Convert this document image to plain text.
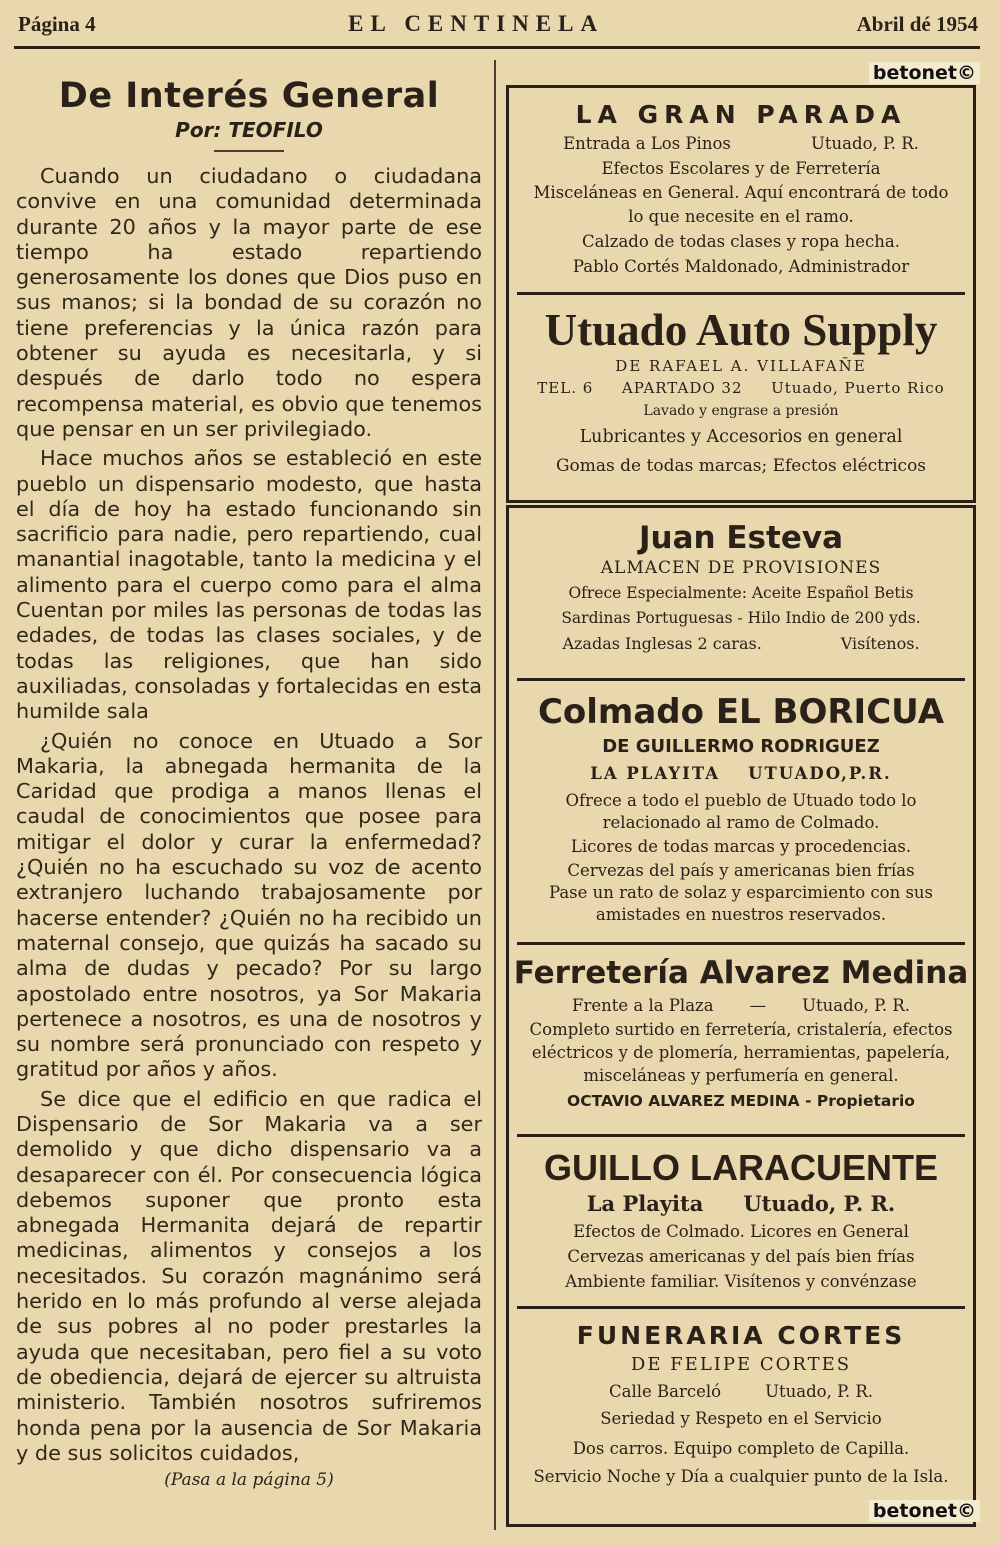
Página 4	EL CENTINELA	Abril dé 1954
betonet©
De Interés General

Por: TEOFILO

Cuando un ciudadano o ciudadana convive en una comunidad determinada durante 20 años y la mayor parte de ese tiempo ha estado repartiendo generosamente los dones que Dios puso en sus manos; si la bondad de su corazón no tiene preferencias y la única razón para obtener su ayuda es necesitarla, y si después de darlo todo no espera recompensa material, es obvio que tenemos que pensar en un ser privilegiado.

Hace muchos años se estableció en este pueblo un dispensario modesto, que hasta el día de hoy ha estado funcionando sin sacrificio para nadie, pero repartiendo, cual manantial inagotable, tanto la medicina y el alimento para el cuerpo como para el alma Cuentan por miles las personas de todas las edades, de todas las clases sociales, y de todas las religiones, que han sido auxiliadas, consoladas y fortalecidas en esta humilde sala

¿Quién no conoce en Utuado a Sor Makaria, la abnegada hermanita de la Caridad que prodiga a manos llenas el caudal de conocimientos que posee para mitigar el dolor y curar la enfermedad? ¿Quién no ha escuchado su voz de acento extranjero luchando trabajosamente por hacerse entender? ¿Quién no ha recibido un maternal consejo, que quizás ha sacado su alma de dudas y pecado? Por su largo apostolado entre nosotros, ya Sor Makaria pertenece a nosotros, es una de nosotros y su nombre será pronunciado con respeto y gratitud por años y años.

Se dice que el edificio en que radica el Dispensario de Sor Makaria va a ser demolido y que dicho dispensario va a desaparecer con él. Por consecuencia lógica debemos suponer que pronto esta abnegada Hermanita dejará de repartir medicinas, alimentos y consejos a los necesitados. Su corazón magnánimo será herido en lo más profundo al verse alejada de sus pobres al no poder prestarles la ayuda que necesitaban, pero fiel a su voto de obediencia, dejará de ejercer su altruista ministerio. También nosotros sufriremos honda pena por la ausencia de Sor Makaria y de sus solicitos cuidados,

(Pasa a la página 5)

LA GRAN PARADA

Entrada a Los Pinos	Utuado, P. R.

Efectos Escolares y de Ferretería

Misceláneas en General. Aquí encontrará de todo lo que necesite en el ramo.

Calzado de todas clases y ropa hecha.

Pablo Cortés Maldonado, Administrador

Utuado Auto Supply

DE RAFAEL A. VILLAFAÑE

TEL. 6 APARTADO 32 Utuado, Puerto Rico

Lavado y engrase a presión

Lubricantes y Accesorios en general

Gomas de todas marcas; Efectos eléctricos

Juan Esteva

ALMACEN DE PROVISIONES

Ofrece Especialmente: Aceite Español Betis

Sardinas Portuguesas - Hilo Indio de 200 yds.

Azadas Inglesas 2 caras.	Visítenos.

Colmado EL BORICUA

DE GUILLERMO RODRIGUEZ

LA PLAYITA UTUADO,P.R.

Ofrece a todo el pueblo de Utuado todo lo relacionado al ramo de Colmado.

Licores de todas marcas y procedencias.

Cervezas del país y americanas bien frías

Pase un rato de solaz y esparcimiento con sus amistades en nuestros reservados.

Ferretería Alvarez Medina

Frente a la Plaza — Utuado, P. R.

Completo surtido en ferretería, cristalería, efectos eléctricos y de plomería, herramientas, papelería, misceláneas y perfumería en general.

OCTAVIO ALVAREZ MEDINA - Propietario

GUILLO LARACUENTE

La Playita Utuado, P. R.

Efectos de Colmado. Licores en General

Cervezas americanas y del país bien frías

Ambiente familiar. Visítenos y convénzase

FUNERARIA CORTES

DE FELIPE CORTES

Calle Barceló	Utuado, P. R.

Seriedad y Respeto en el Servicio

Dos carros. Equipo completo de Capilla.

Servicio Noche y Día a cualquier punto de la Isla.

betonet©
